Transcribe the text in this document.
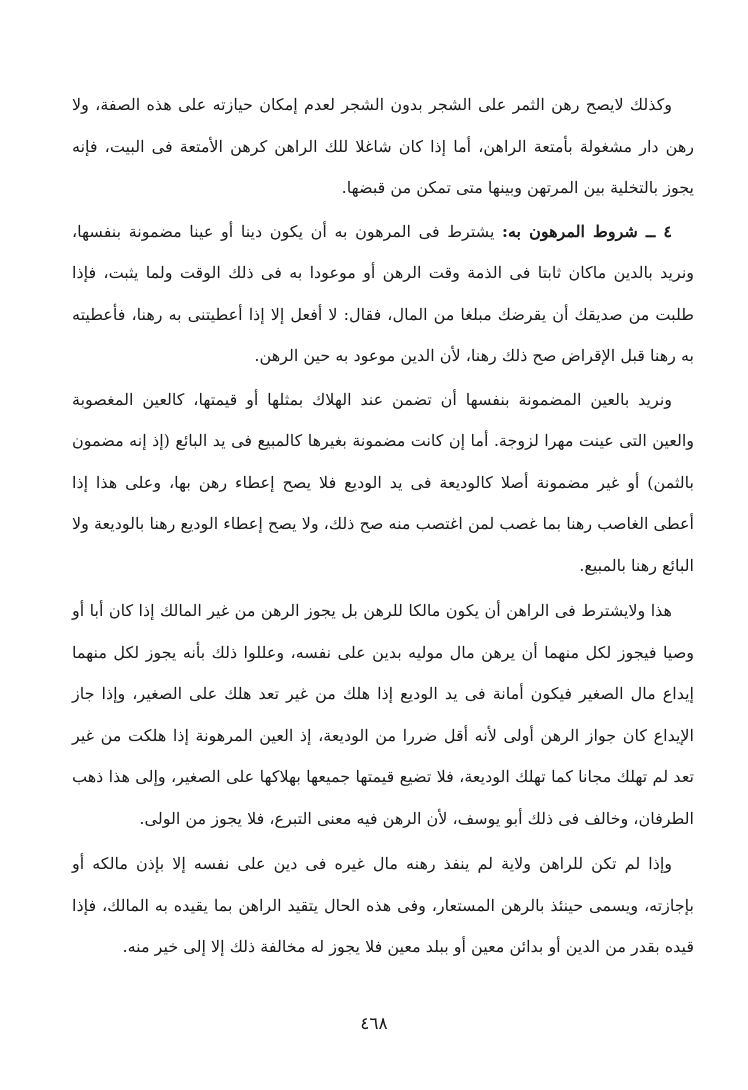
وكذلك لايصح رهن الثمر على الشجر بدون الشجر لعدم إمكان حيازته على هذه الصفة، ولا رهن دار مشغولة بأمتعة الراهن، أما إذا كان شاغلا للك الراهن كرهن الأمتعة فى البيت، فإنه يجوز بالتخلية بين المرتهن وبينها متى تمكن من قبضها.

٤ ــ شروط المرهون به: يشترط فى المرهون به أن يكون دينا أو عينا مضمونة بنفسها، ونريد بالدين ماكان ثابتا فى الذمة وقت الرهن أو موعودا به فى ذلك الوقت ولما يثبت، فإذا طلبت من صديقك أن يقرضك مبلغا من المال، فقال: لا أفعل إلا إذا أعطيتنى به رهنا، فأعطيته به رهنا قبل الإقراض صح ذلك رهنا، لأن الدين موعود به حين الرهن.

ونريد بالعين المضمونة بنفسها أن تضمن عند الهلاك بمثلها أو قيمتها، كالعين المغصوبة والعين التى عينت مهرا لزوجة. أما إن كانت مضمونة بغيرها كالمبيع فى يد البائع (إذ إنه مضمون بالثمن) أو غير مضمونة أصلا كالوديعة فى يد الوديع فلا يصح إعطاء رهن بها، وعلى هذا إذا أعطى الغاصب رهنا بما غصب لمن اغتصب منه صح ذلك، ولا يصح إعطاء الوديع رهنا بالوديعة ولا البائع رهنا بالمبيع.

هذا ولايشترط فى الراهن أن يكون مالكا للرهن بل يجوز الرهن من غير المالك إذا كان أبا أو وصيا فيجوز لكل منهما أن يرهن مال موليه بدين على نفسه، وعللوا ذلك بأنه يجوز لكل منهما إيداع مال الصغير فيكون أمانة فى يد الوديع إذا هلك من غير تعد هلك على الصغير، وإذا جاز الإيداع كان جواز الرهن أولى لأنه أقل ضررا من الوديعة، إذ العين المرهونة إذا هلكت من غير تعد لم تهلك مجانا كما تهلك الوديعة، فلا تضيع قيمتها جميعها بهلاكها على الصغير، وإلى هذا ذهب الطرفان، وخالف فى ذلك أبو يوسف، لأن الرهن فيه معنى التبرع، فلا يجوز من الولى.

وإذا لم تكن للراهن ولاية لم ينفذ رهنه مال غيره فى دين على نفسه إلا بإذن مالكه أو بإجازته، ويسمى حينئذ بالرهن المستعار، وفى هذه الحال يتقيد الراهن بما يقيده به المالك، فإذا قيده بقدر من الدين أو بدائن معين أو ببلد معين فلا يجوز له مخالفة ذلك إلا إلى خير منه.

٤٦٨
